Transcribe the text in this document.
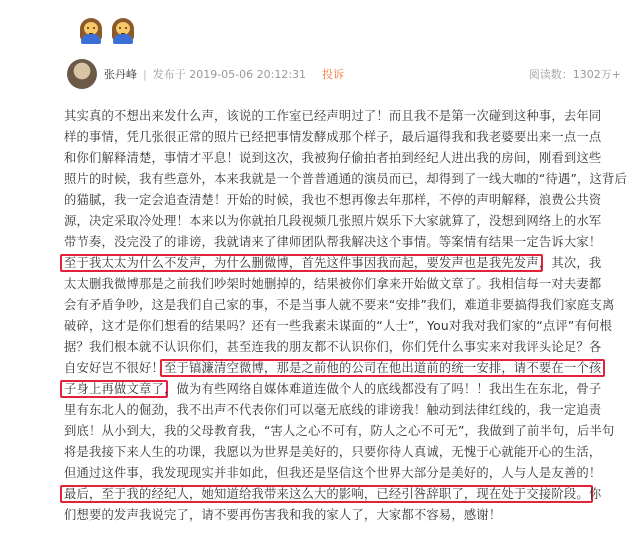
张丹峰 | 发布于 2019-05-06 20:12:31 投诉	阅读数：1302万+
其实真的不想出来发什么声，该说的工作室已经声明过了！而且我不是第一次碰到这种事，去年同
样的事情，凭几张很正常的照片已经把事情发酵成那个样子，最后逼得我和我老婆要出来一点一点
和你们解释清楚，事情才平息！说到这次，我被狗仔偷拍者拍到经纪人进出我的房间，刚看到这些
照片的时候，我有些意外，本来我就是一个普普通通的演员而已，却得到了一线大咖的“待遇”，这背后
的猫腻，我一定会追查清楚！开始的时候，我也不想再像去年那样，不停的声明解释，浪费公共资
源，决定采取冷处理！本来以为你就拍几段视频几张照片娱乐下大家就算了，没想到网络上的水军
带节奏，没完没了的诽谤，我就请来了律师团队帮我解决这个事情。等案情有结果一定告诉大家！
至于我太太为什么不发声，为什么删微博，首先这件事因我而起，要发声也是我先发声，其次，我
太太删我微博那是之前我们吵架时她删掉的，结果被你们拿来开始做文章了。我相信每一对夫妻都
会有矛盾争吵，这是我们自己家的事，不是当事人就不要来“安排”我们，难道非要搞得我们家庭支离
破碎，这才是你们想看的结果吗？还有一些我素未谋面的“人士”，You对我对我们家的“点评”有何根
据？我们根本就不认识你们，甚至连我的朋友都不认识你们，你们凭什么事实来对我评头论足？各
自安好岂不很好！至于镐濂清空微博，那是之前他的公司在他出道前的统一安排，请不要在一个孩
子身上再做文章了，做为有些网络自媒体难道连做个人的底线都没有了吗！！我出生在东北，骨子
里有东北人的倔劲，我不出声不代表你们可以毫无底线的诽谤我！触动到法律红线的，我一定追责
到底！从小到大，我的父母教育我，“害人之心不可有，防人之心不可无”，我做到了前半句，后半句
将是我接下来人生的功课，我愿以为世界是美好的，只要你待人真诚，无愧于心就能开心的生活，
但通过这件事，我发现现实并非如此，但我还是坚信这个世界大部分是美好的，人与人是友善的！
最后，至于我的经纪人，她知道给我带来这么大的影响，已经引咎辞职了，现在处于交接阶段。你
们想要的发声我说完了，请不要再伤害我和我的家人了，大家都不容易，感谢！
